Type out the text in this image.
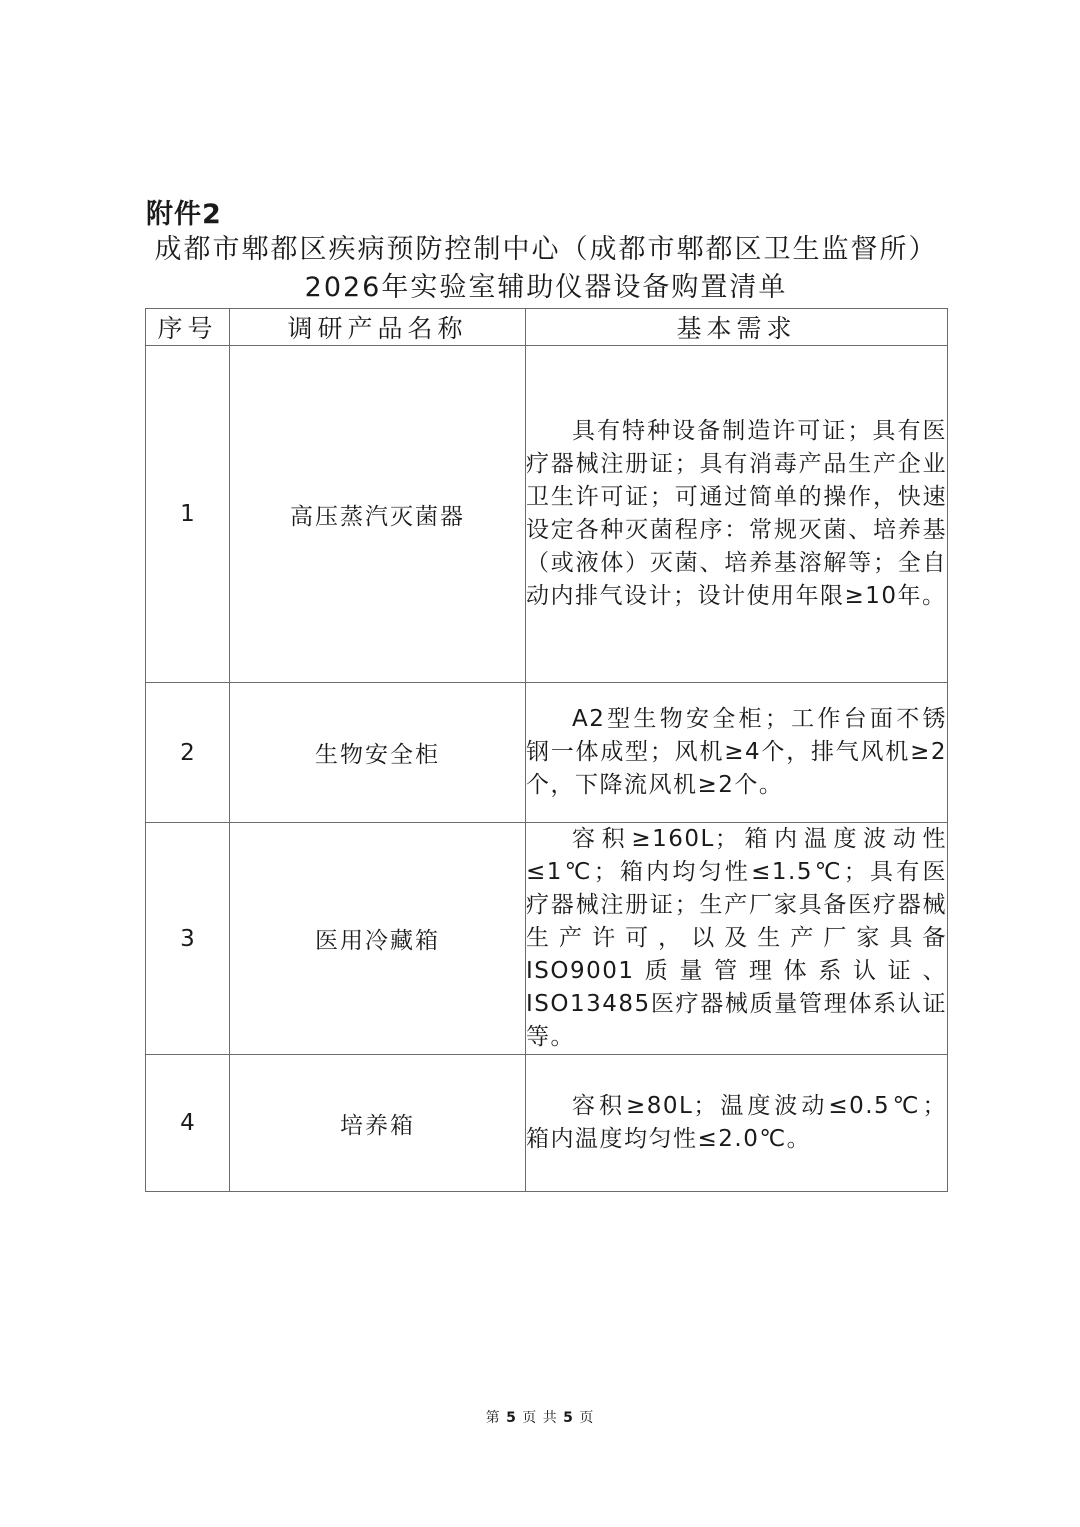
附件2
成都市郫都区疾病预防控制中心（成都市郫都区卫生监督所）
2026年实验室辅助仪器设备购置清单
序号	调研产品名称	基本需求
1	高压蒸汽灭菌器	具有特种设备制造许可证；具有医疗器械注册证；具有消毒产品生产企业卫生许可证；可通过简单的操作，快速设定各种灭菌程序：常规灭菌、培养基（或液体）灭菌、培养基溶解等；全自动内排气设计；设计使用年限≥10年。
2	生物安全柜	A2型生物安全柜；工作台面不锈钢一体成型；风机≥4个，排气风机≥2个，下降流风机≥2个。
3	医用冷藏箱	容积≥160L；箱内温度波动性≤1℃；箱内均匀性≤1.5℃；具有医疗器械注册证；生产厂家具备医疗器械生产许可，以及生产厂家具备ISO9001质量管理体系认证、ISO13485医疗器械质量管理体系认证等。
4	培养箱	容积≥80L；温度波动≤0.5℃；箱内温度均匀性≤2.0℃。
第 5 页 共 5 页
